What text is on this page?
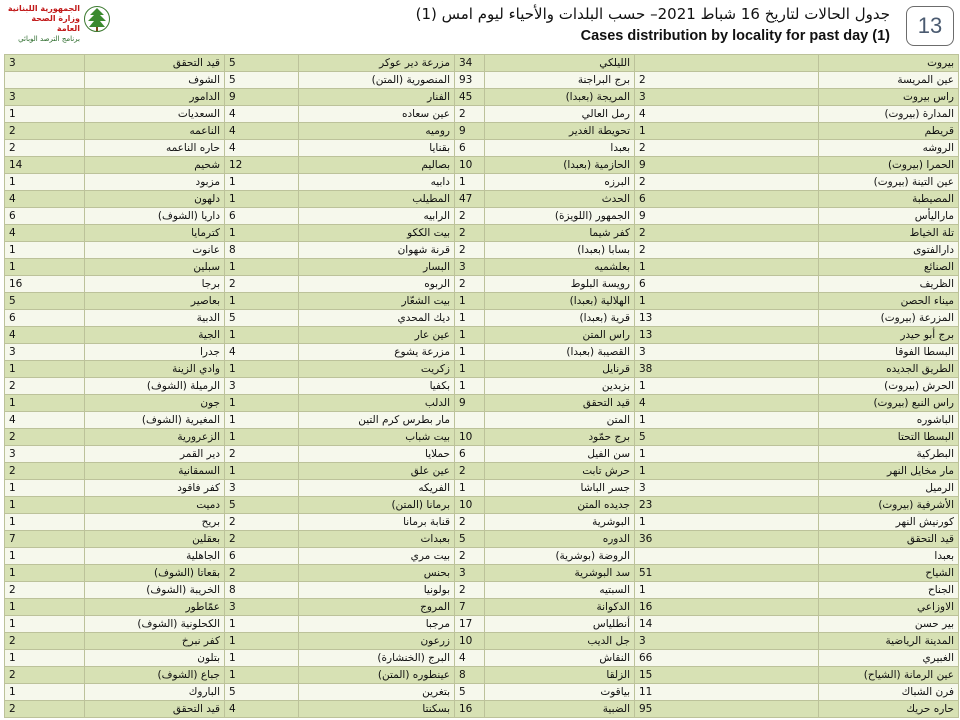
الجمهورية اللبنانية
وزارة الصحة العامة
برنامج الترصد الوبائي
جدول الحالات لتاريخ 16 شباط 2021– حسب البلدات والأحياء ليوم امس (1)
Cases distribution by locality for past day (1)	13
3	قيد التحقق	5	مزرعة دير عوكر	34	الليلكي		بيروت
	الشوف	5	المنصورية (المتن)	93	برج البراجنة	2	عين المريسة
3	الدامور	9	الفنار	45	المريجة (بعبدا)	3	راس بيروت
1	السعديات	4	عين سعاده	2	رمل العالي	4	المدارة (بيروت)
2	الناعمه	4	روميه	9	تحويطة الغدير	1	قريطم
2	حاره الناعمه	4	بقنايا	6	بعبدا	2	الروشه
14	شحيم	12	بصاليم	10	الحازمية (بعبدا)	9	الحمرا (بيروت)
1	مزبود	1	دابيه	1	البرزه	2	عين التينة (بيروت)
4	دلهون	1	المطيلب	47	الحدث	6	المصيطبة
6	داريا (الشوف)	6	الرابيه	2	الجمهور (اللويزة)	9	ماراليأس
4	كترمايا	1	بيت الككو	2	كفر شيما	2	تلة الخياط
1	عانوت	8	قرنة شهوان	2	بسابا (بعبدا)	2	دارالفتوى
1	سبلين	1	البسار	3	بعلشميه	1	الصنائع
16	برجا	2	الربوه	2	رويسة البلوط	6	الظريف
5	بعاصير	1	بيت الشعّار	1	الهلالية (بعبدا)	1	ميناء الحصن
6	الدبية	5	ديك المحدي	1	قرية (بعبدا)	13	المزرعة (بيروت)
4	الجية	1	عين عار	1	راس المتن	13	برج أبو حيدر
3	جدرا	4	مزرعة يشوع	1	القصيبة (بعبدا)	3	البسطا الفوقا
1	وادي الزينة	1	زكريت	1	قرنايل	38	الطريق الجديده
2	الرميلة (الشوف)	3	بكفيا	1	بزبدين	1	الحرش (بيروت)
1	جون	1	الدلب	9	قيد التحقق	4	راس النبع (بيروت)
4	المغيرية (الشوف)	1	مار بطرس كرم التين		المتن	1	الباشوره
2	الزعرورية	1	بيت شباب	10	برج حمّود	5	البسطا التحتا
3	دير القمر	2	حملايا	6	سن الفيل	1	البطركية
2	السمقانية	1	عين علق	2	حرش تابت	1	مار مخايل النهر
1	كفر فاقود	3	الفريكه	1	جسر الباشا	3	الرميل
1	دميت	5	برمانا (المتن)	10	جديده المتن	23	الأشرفية (بيروت)
1	بريح	2	قنابة برمانا	2	البوشرية	1	كورنيش النهر
7	بعقلين	2	بعبدات	5	الدوره	36	قيد التحقق
1	الجاهلية	6	بيت مري	2	الروضة (بوشرية)		بعبدا
1	بقعاتا (الشوف)	2	بحنس	3	سد البوشرية	51	الشياح
2	الخريبة (الشوف)	8	بولونيا	2	السبتيه	1	الجناح
1	عمّاطور	3	المروج	7	الدكوانة	16	الاوزاعي
1	الكحلونية (الشوف)	1	مرجبا	17	أنطلياس	14	بير حسن
2	كفر نبرخ	1	زرعون	10	جل الديب	3	المدينة الرياضية
1	بتلون	1	البرج (الخنشارة)	4	النقاش	66	الغبيري
2	جباع (الشوف)	1	عينطوره (المتن)	8	الزلقا	15	عين الرمانة (الشياح)
1	الباروك	5	بتغرين	5	بياقوت	11	فرن الشباك
2	قيد التحقق	4	بسكنتا	16	الضبية	95	حاره حريك
